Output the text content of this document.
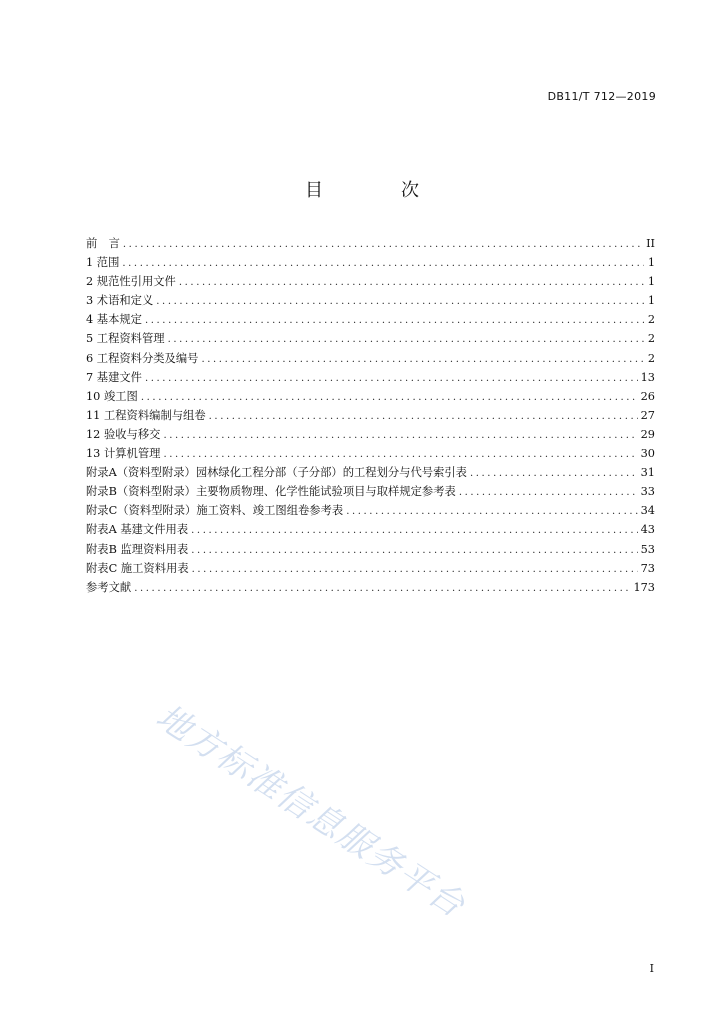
DB11/T 712—2019
目　次
前　言 .....	II
1 范围 .....	1
2 规范性引用文件 .....	1
3 术语和定义 .....	1
4 基本规定 .....	2
5 工程资料管理 .....	2
6 工程资料分类及编号 .....	2
7 基建文件 .....	13
10 竣工图 .....	26
11 工程资料编制与组卷 .....	27
12 验收与移交 .....	29
13 计算机管理 .....	30
附录A（资料型附录）园林绿化工程分部（子分部）的工程划分与代号索引表 .....	31
附录B（资料型附录）主要物质物理、化学性能试验项目与取样规定参考表 .....	33
附录C（资料型附录）施工资料、竣工图组卷参考表 .....	34
附表A 基建文件用表 .....	43
附表B 监理资料用表 .....	53
附表C 施工资料用表 .....	73
参考文献 .....	173
地方标准信息服务平台
I
